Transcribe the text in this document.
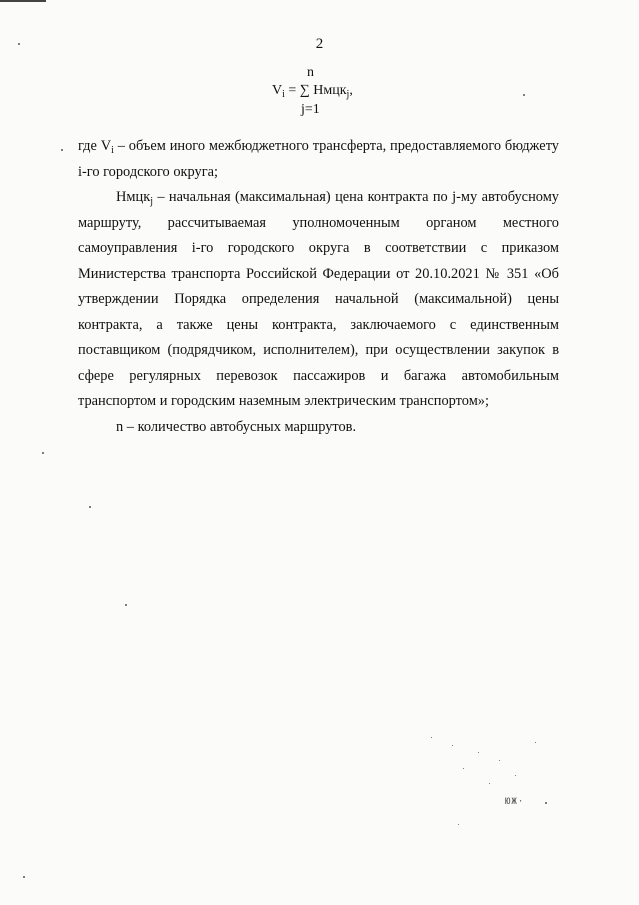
2
n
$V_i$ = ∑ Нмцк$_j$,
j=1

где $V_i$ – объем иного межбюджетного трансферта, предоставляемого бюджету i-го городского округа;

Нмцк$_j$ – начальная (максимальная) цена контракта по j-му автобусному маршруту, рассчитываемая уполномоченным органом местного самоуправления i-го городского округа в соответствии с приказом Министерства транспорта Российской Федерации от 20.10.2021 № 351 «Об утверждении Порядка определения начальной (максимальной) цены контракта, а также цены контракта, заключаемого с единственным поставщиком (подрядчиком, исполнителем), при осуществлении закупок в сфере регулярных перевозок пассажиров и багажа автомобильным транспортом и городским наземным электрическим транспортом»;

n – количество автобусных маршрутов.

ЮЖ·
